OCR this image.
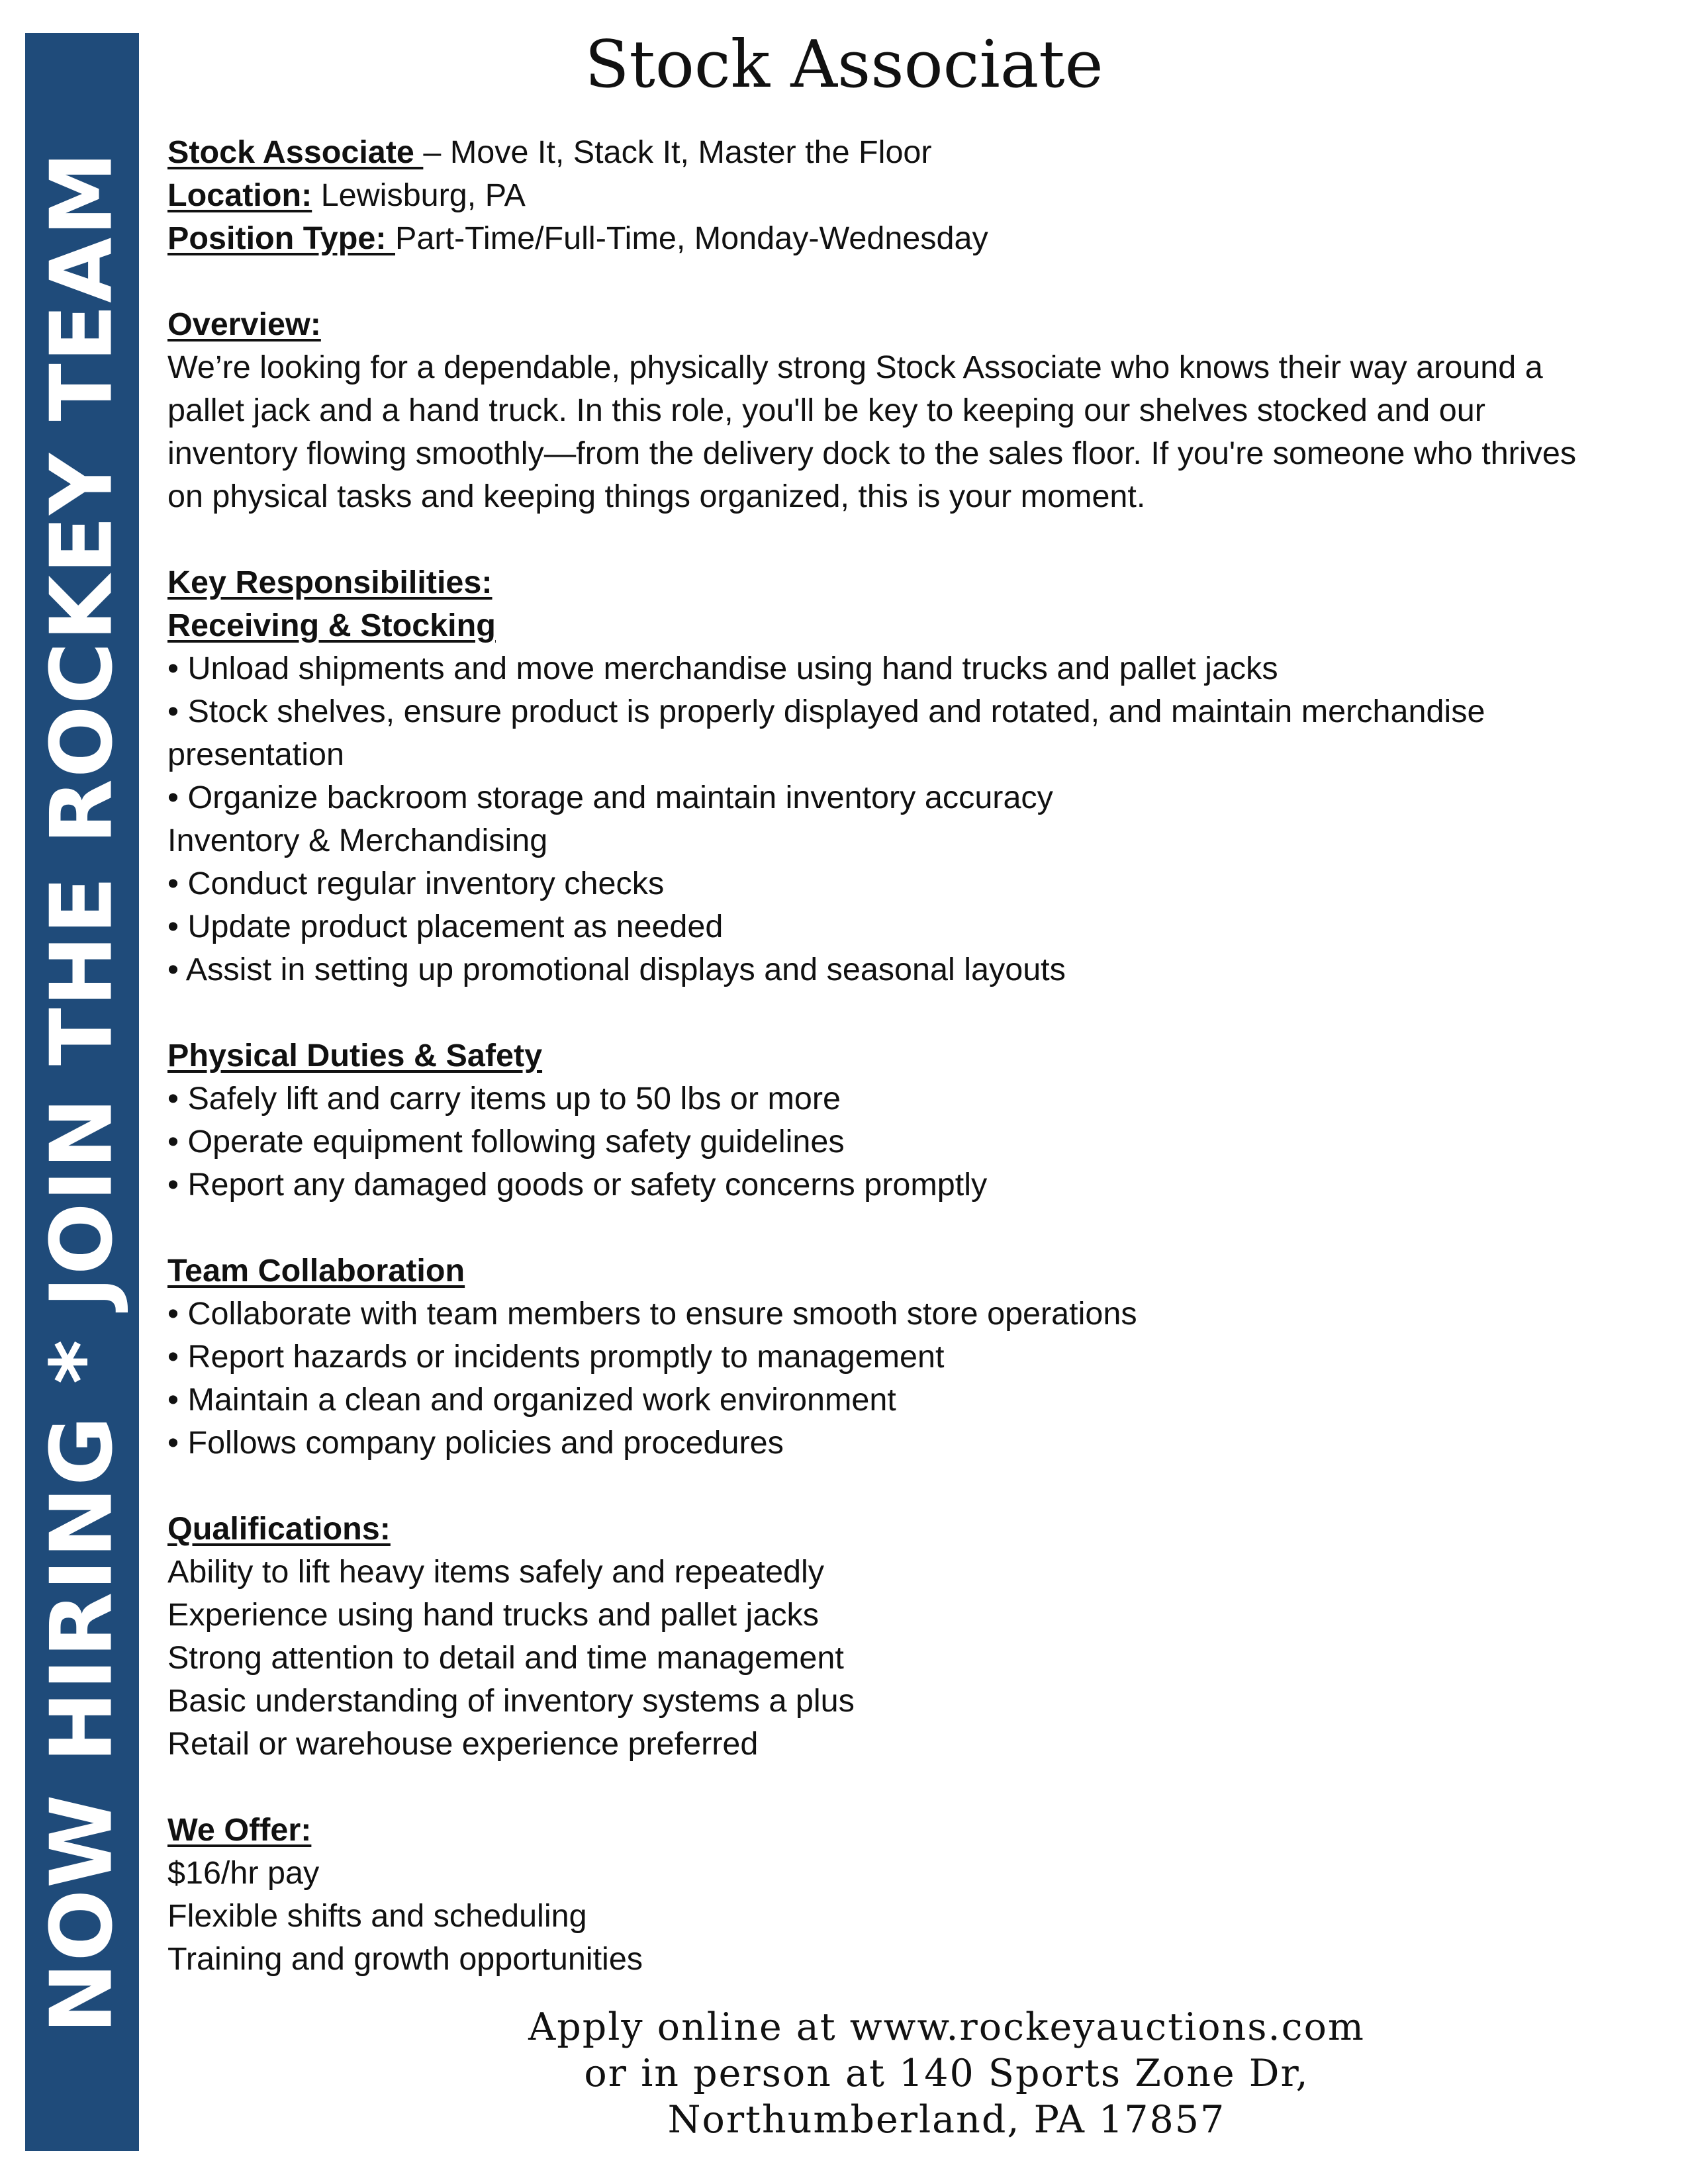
NOW HIRING * JOIN THE ROCKEY TEAM
Stock Associate
Stock Associate – Move It, Stack It, Master the Floor
Location: Lewisburg, PA
Position Type: Part-Time/Full-Time, Monday-Wednesday
Overview:
We’re looking for a dependable, physically strong Stock Associate who knows their way around a
pallet jack and a hand truck. In this role, you'll be key to keeping our shelves stocked and our
inventory flowing smoothly—from the delivery dock to the sales floor. If you're someone who thrives
on physical tasks and keeping things organized, this is your moment.
Key Responsibilities:
Receiving & Stocking
• Unload shipments and move merchandise using hand trucks and pallet jacks
• Stock shelves, ensure product is properly displayed and rotated, and maintain merchandise
presentation
• Organize backroom storage and maintain inventory accuracy
Inventory & Merchandising
• Conduct regular inventory checks
• Update product placement as needed
• Assist in setting up promotional displays and seasonal layouts
Physical Duties & Safety
• Safely lift and carry items up to 50 lbs or more
• Operate equipment following safety guidelines
• Report any damaged goods or safety concerns promptly
Team Collaboration
• Collaborate with team members to ensure smooth store operations
• Report hazards or incidents promptly to management
• Maintain a clean and organized work environment
• Follows company policies and procedures
Qualifications:
Ability to lift heavy items safely and repeatedly
Experience using hand trucks and pallet jacks
Strong attention to detail and time management
Basic understanding of inventory systems a plus
Retail or warehouse experience preferred
We Offer:
$16/hr pay
Flexible shifts and scheduling
Training and growth opportunities
Apply online at www.rockeyauctions.com
or in person at 140 Sports Zone Dr,
Northumberland, PA 17857
